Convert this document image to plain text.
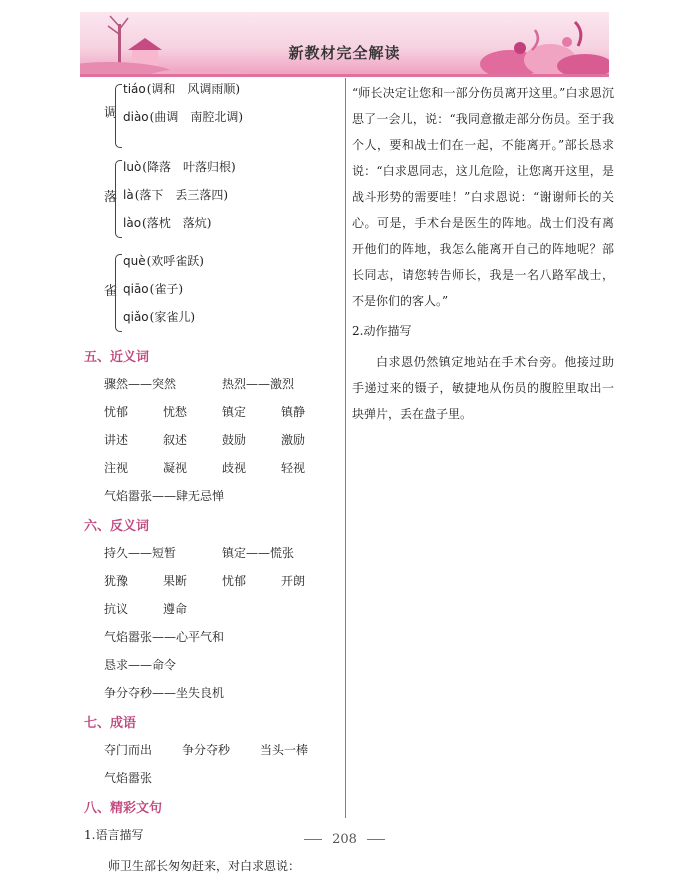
新教材完全解读
调
tiáo(调和　风调雨顺)
diào(曲调　南腔北调)
落
luò(降落　叶落归根)
là(落下　丢三落四)
lào(落枕　落炕)
雀
què(欢呼雀跃)
qiāo(雀子)
qiǎo(家雀儿)
五、近义词
骤然——突然	热烈——激烈
忧郁	忧愁	镇定	镇静
讲述	叙述	鼓励	激励
注视	凝视	歧视	轻视
气焰嚣张——肆无忌惮
六、反义词
持久——短暂	镇定——慌张
犹豫	果断	忧郁	开朗
抗议	遵命
气焰嚣张——心平气和
恳求——命令
争分夺秒——坐失良机
七、成语
夺门而出 争分夺秒 当头一棒
气焰嚣张
八、精彩文句
1.语言描写
师卫生部长匆匆赶来，对白求恩说：
“师长决定让您和一部分伤员离开这里。”白求恩沉思了一会儿，说：“我同意撤走部分伤员。至于我个人，要和战士们在一起，不能离开。”部长恳求说：“白求恩同志，这儿危险，让您离开这里，是战斗形势的需要哇！”白求恩说：“谢谢师长的关心。可是，手术台是医生的阵地。战士们没有离开他们的阵地，我怎么能离开自己的阵地呢？部长同志，请您转告师长，我是一名八路军战士，不是你们的客人。”
2.动作描写
白求恩仍然镇定地站在手术台旁。他接过助手递过来的镊子，敏捷地从伤员的腹腔里取出一块弹片，丢在盘子里。
208
